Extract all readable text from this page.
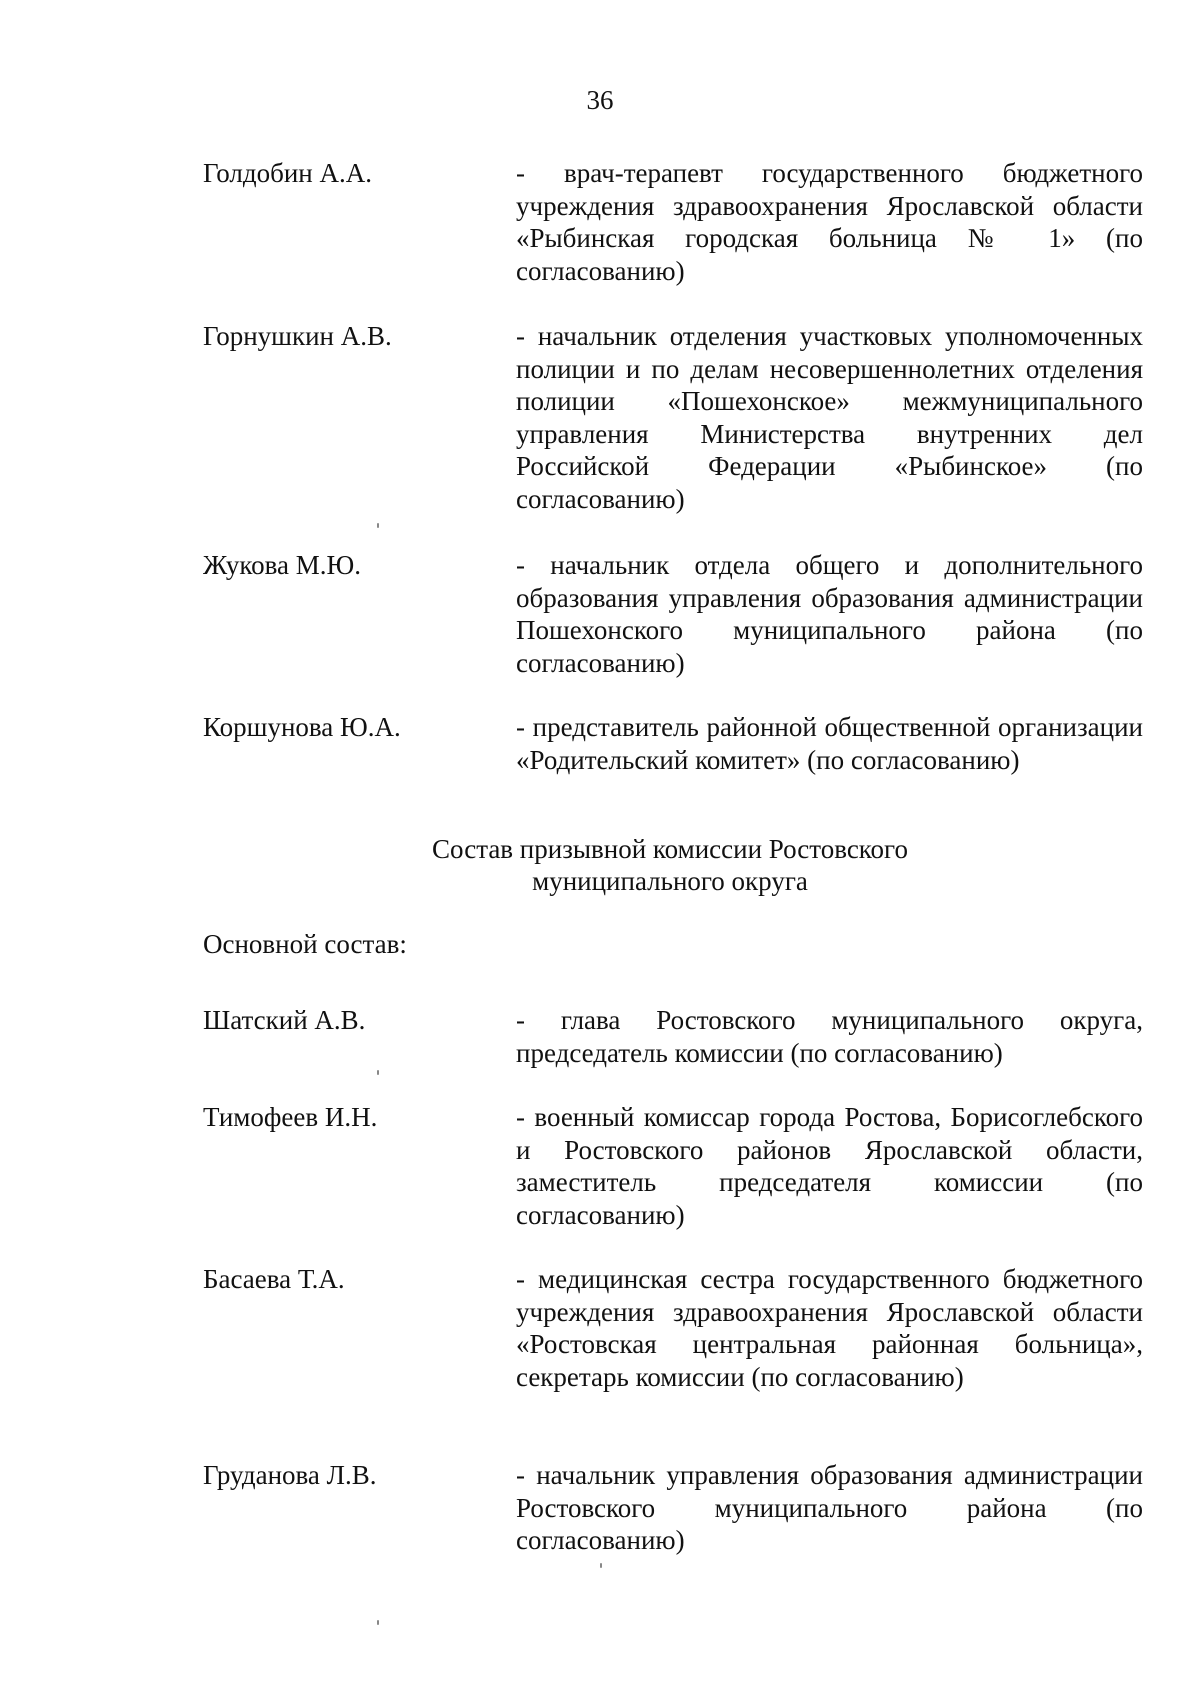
36
Голдобин А.А.	- врач-терапевт государственного бюджетного учреждения здравоохранения Ярославской области «Рыбинская городская больница № 1» (по согласованию)
Горнушкин А.В.	- начальник отделения участковых уполномоченных полиции и по делам несовершеннолетних отделения полиции «Пошехонское» межмуниципального управления Министерства внутренних дел Российской Федерации «Рыбинское» (по согласованию)
Жукова М.Ю.	- начальник отдела общего и дополнительного образования управления образования администрации Пошехонского муниципального района (по согласованию)
Коршунова Ю.А.	- представитель районной общественной организации «Родительский комитет» (по согласованию)
Состав призывной комиссии Ростовского
муниципального округа
Основной состав:
Шатский А.В.	- глава Ростовского муниципального округа, председатель комиссии (по согласованию)
Тимофеев И.Н.	- военный комиссар города Ростова, Борисоглебского и Ростовского районов Ярославской области, заместитель председателя комиссии (по согласованию)
Басаева Т.А.	- медицинская сестра государственного бюджетного учреждения здравоохранения Ярославской области «Ростовская центральная районная больница», секретарь комиссии (по согласованию)
Груданова Л.В.	- начальник управления образования администрации Ростовского муниципального района (по согласованию)
